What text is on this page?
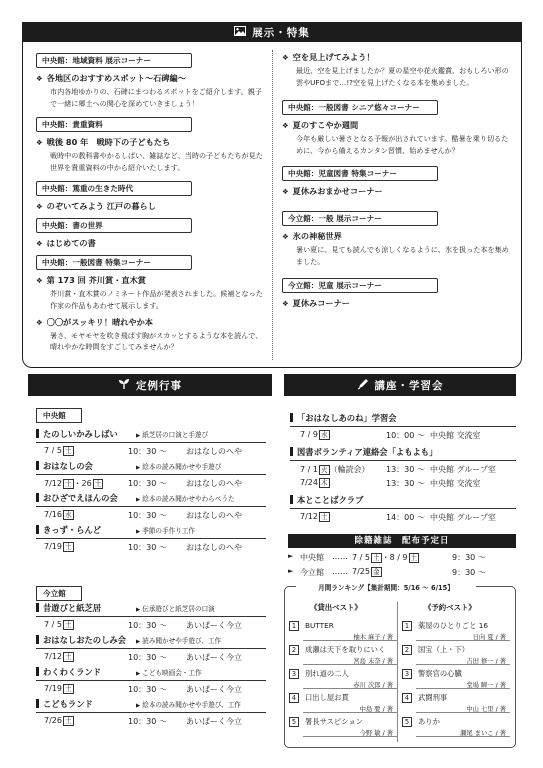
展示・特集
中央館：地域資料 展示コーナー
❖ 各地区のおすすめスポット～石碑編～
市内各地ゆかりの、石碑にまつわるスポットをご紹介します。親子で一緒に郷土への関心を深めていきましょう！
中央館：貴重資料
❖ 戦後 80 年　戦時下の子どもたち
戦時中の教科書やかるしばい、雑誌など、当時の子どもたちが見た世界を貴重資料の中から紹介いたします。
中央館：篤重の生きた時代
❖ のぞいてみよう 江戸の暮らし
中央館：書の世界
❖ はじめての書
中央館：一般図書 特集コーナー
❖ 第 173 回 芥川賞・直木賞
芥川賞・直木賞のノミネート作品が発表されました。候補となった作家の作品もあわせて展示します。
❖ 〇〇がスッキリ！晴れやか本
暑さ、モヤモヤを吹き飛ばす胸がスカッとするような本を読んで、晴れやかな時間をすごしてみませんか？
❖ 空を見上げてみよう！
最近、空を見上げましたか？夏の星空や花火鑑賞、おもしろい形の雲やUFOまで…!?空を見上げたくなる本を集めました。
中央館：一般図書 シニア悠々コーナー
❖ 夏のすこやか週間
今年も厳しい暑さとなる予報が出されています。酷暑を乗り切るために、今から備えるカンタン習慣、始めませんか？
中央館：児童図書 特集コーナー
❖ 夏休みおまかせコーナー
今立館：一般 展示コーナー
❖ 氷の神秘世界
暑い夏に、見ても読んでも涼しくなるように、氷を扱った本を集めました。
今立館：児童 展示コーナー
❖ 夏休みコーナー
定例行事
中央館
たのしいかみしばい	▶ 紙芝居の口演と手遊び
7 / 5 土	10：30 ～ おはなしのへや
おはなしの会	▶ 絵本の読み聞かせや手遊び
7/12 土 ・26 土	10：30 ～ おはなしのへや
おひざでえほんの会	▶ 絵本の読み聞かせやわらべうた
7/16 水	10：30 ～ おはなしのへや
きっず・らんど	▶ 季節の手作り工作
7/19 土	10：30 ～ おはなしのへや
今立館
昔遊びと紙芝居	▶ 伝承遊びと紙芝居の口演
7 / 5 土	10：30 ～ あいぱーく今立
おはなしおたのしみ会	▶ 読み聞かせや手遊び、工作
7/12 土	10：30 ～ あいぱーく今立
わくわくランド	▶ こども映画会・工作
7/19 土	10：30 ～ あいぱーく今立
こどもランド	▶ 絵本の読み聞かせや手遊び、工作
7/26 土	10：30 ～ あいぱーく今立
講座・学習会
「おはなしあのね」学習会
7 / 9 水	10：00 ～ 中央館 交流室
図書ボランティア連絡会「よもよも」
7 / 1 火 （輪読会） 13：30 ～ 中央館 グループ室
7/24 木	13：30 ～ 中央館 交流室
本とことばクラブ
7/12 土	14：00 ～ 中央館 グループ室
除籍雑誌　配布予定日
► 中央館 …… 7 / 5 土 ・8 / 9 土	9：30 ～
► 今立館 …… 7/25 金	9：30 ～
月間ランキング【集計期間：5/16 ～ 6/15】
《貸出ベスト》	《予約ベスト》
1	BUTTER
柚木 麻子 / 著
2	成瀬は天下を取りにいく
宮島 未奈 / 著
3	別れ道の二人
赤川 次郎 / 著
4	口出し屋お貫
中島 要 / 著
5	署長サスピション
今野 敏 / 著
1	薬屋のひとりごと 16
日向 夏 / 著
2	国宝（上・下）
吉田 修一 / 著
3	警察官の心臓
堂場 瞬一 / 著
4	武闘刑事
中山 七里 / 著
5	ありか
瀬尾 まいこ / 著
